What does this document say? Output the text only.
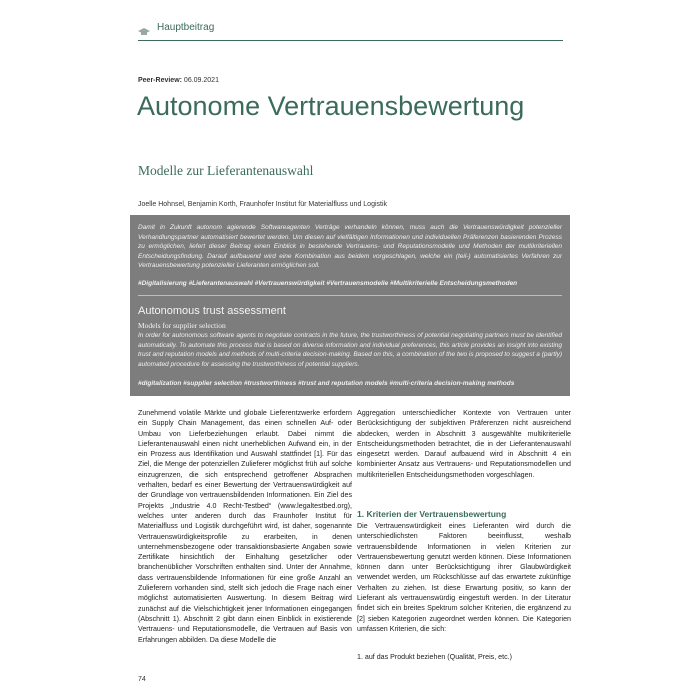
Hauptbeitrag
Peer-Review: 06.09.2021
Autonome Vertrauensbewertung
Modelle zur Lieferantenauswahl
Joelle Hohnsel, Benjamin Korth, Fraunhofer Institut für Materialfluss und Logistik
Damit in Zukunft autonom agierende Softwareagenten Verträge verhandeln können, muss auch die Vertrauenswürdigkeit potenzieller Verhandlungspartner automatisiert bewertet werden. Um diesen auf vielfältigen Informationen und individuellen Präferenzen basierenden Prozess zu ermöglichen, liefert dieser Beitrag einen Einblick in bestehende Vertrauens- und Reputationsmodelle und Methoden der multikriteriellen Entscheidungsfindung. Darauf aufbauend wird eine Kombination aus beidem vorgeschlagen, welche ein (teil-) automatisiertes Verfahren zur Vertrauensbewertung potenzieller Lieferanten ermöglichen soll.
#Digitalisierung #Lieferantenauswahl #Vertrauenswürdigkeit #Vertrauensmodelle #Multikriterielle Entscheidungsmethoden
Autonomous trust assessment
Models for supplier selection
In order for autonomous software agents to negotiate contracts in the future, the trustworthiness of potential negotiating partners must be identified automatically. To automate this process that is based on diverse information and individual preferences, this article provides an insight into existing trust and reputation models and methods of multi-criteria decision-making. Based on this, a combination of the two is proposed to suggest a (partly) automated procedure for assessing the trustworthiness of potential suppliers.
#digitalization #supplier selection #trustworthiness #trust and reputation models #multi-criteria decision-making methods
Zunehmend volatile Märkte und globale Lieferentzwerke erfordern ein Supply Chain Management, das einen schnellen Auf- oder Umbau von Lieferbeziehungen erlaubt. Dabei nimmt die Lieferantenauswahl einen nicht unerheblichen Aufwand ein, in der ein Prozess aus Identifikation und Auswahl stattfindet [1]. Für das Ziel, die Menge der potenziellen Zulieferer möglichst früh auf solche einzugrenzen, die sich entsprechend getroffener Absprachen verhalten, bedarf es einer Bewertung der Vertrauenswürdigkeit auf der Grundlage von vertrauensbildenden Informationen. Ein Ziel des Projekts „Industrie 4.0 Recht-Testbed“ (www.legaltestbed.org), welches unter anderen durch das Fraunhofer Institut für Materialfluss und Logistik durchgeführt wird, ist daher, sogenannte Vertrauenswürdigkeitsprofile zu erarbeiten, in denen unternehmensbezogene oder transaktionsbasierte Angaben sowie Zertifikate hinsichtlich der Einhaltung gesetzlicher oder branchenüblicher Vorschriften enthalten sind. Unter der Annahme, dass vertrauensbildende Informationen für eine große Anzahl an Zulieferern vorhanden sind, stellt sich jedoch die Frage nach einer möglichst automatisierten Auswertung. In diesem Beitrag wird zunächst auf die Vielschichtigkeit jener Informationen eingegangen (Abschnitt 1). Abschnitt 2 gibt dann einen Einblick in existierende Vertrauens- und Reputationsmodelle, die Vertrauen auf Basis von Erfahrungen abbilden. Da diese Modelle die
Aggregation unterschiedlicher Kontexte von Vertrauen unter Berücksichtigung der subjektiven Präferenzen nicht ausreichend abdecken, werden in Abschnitt 3 ausgewählte multikriterielle Entscheidungsmethoden betrachtet, die in der Lieferantenauswahl eingesetzt werden. Darauf aufbauend wird in Abschnitt 4 ein kombinierter Ansatz aus Vertrauens- und Reputationsmodellen und multikriteriellen Entscheidungsmethoden vorgeschlagen.
1. Kriterien der Vertrauensbewertung
Die Vertrauenswürdigkeit eines Lieferanten wird durch die unterschiedlichsten Faktoren beeinflusst, weshalb vertrauensbildende Informationen in vielen Kriterien zur Vertrauensbewertung genutzt werden können. Diese Informationen können dann unter Berücksichtigung ihrer Glaubwürdigkeit verwendet werden, um Rückschlüsse auf das erwartete zukünftige Verhalten zu ziehen. Ist diese Erwartung positiv, so kann der Lieferant als vertrauenswürdig eingestuft werden. In der Literatur findet sich ein breites Spektrum solcher Kriterien, die ergänzend zu [2] sieben Kategorien zugeordnet werden können. Die Kategorien umfassen Kriterien, die sich:
1. auf das Produkt beziehen (Qualität, Preis, etc.)
74
